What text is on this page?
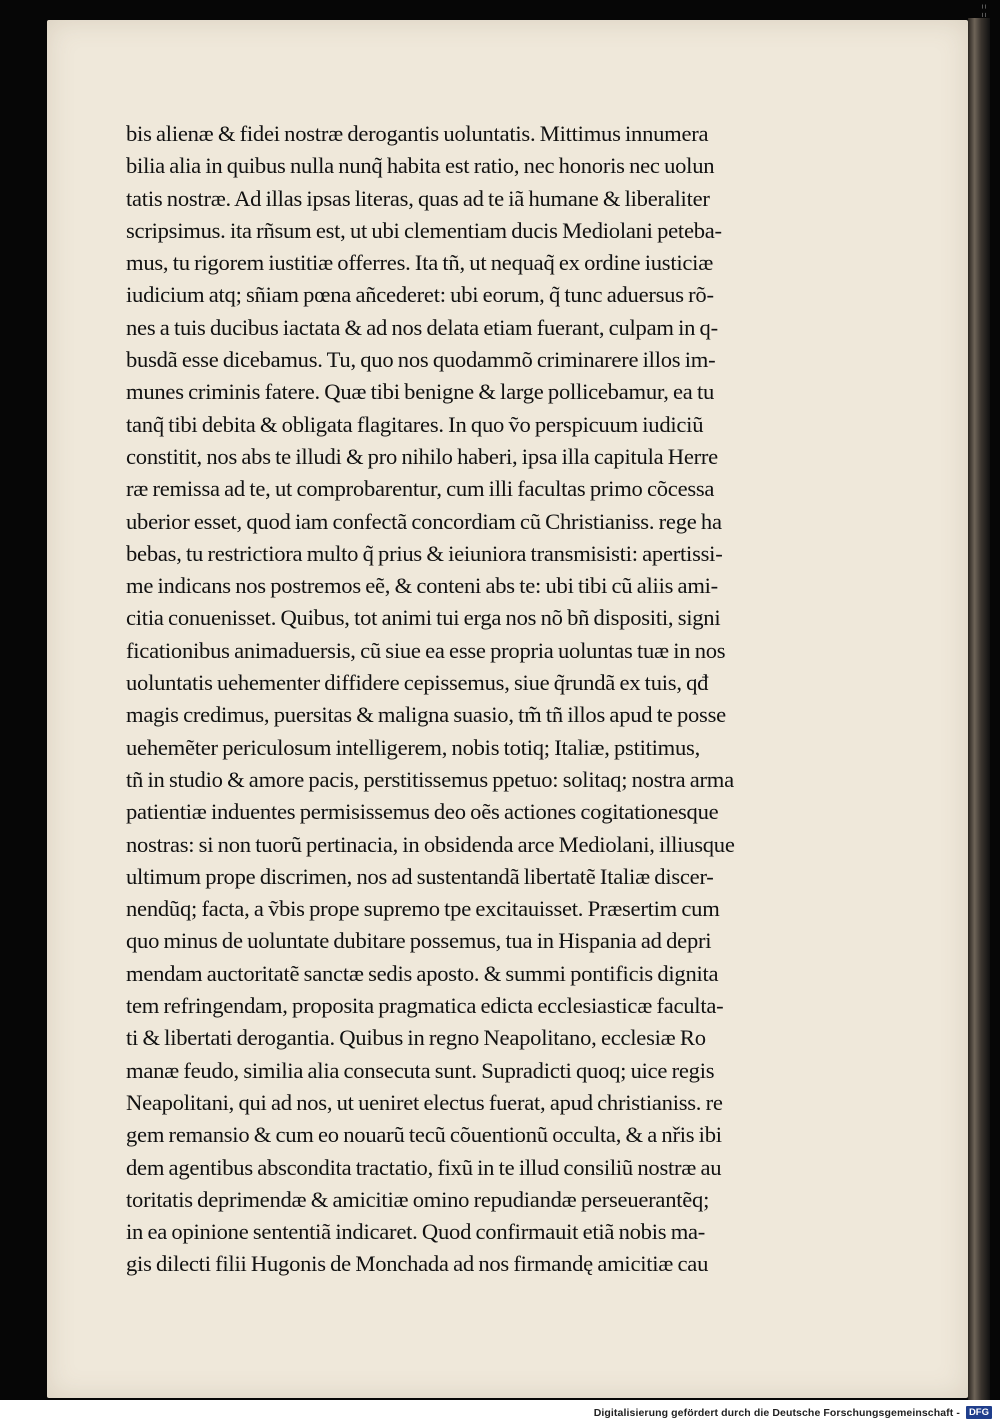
¦¦
bis alienæ & fidei nostræ derogantis uoluntatis. Mittimus innumera
bilia alia in quibus nulla nunq̃ habita est ratio, nec honoris nec uolun
tatis nostræ. Ad illas ipsas literas, quas ad te iã humane & liberaliter
scripsimus. ita rñsum est, ut ubi clementiam ducis Mediolani peteba-
mus, tu rigorem iustitiæ offerres. Ita tñ, ut nequaq̃ ex ordine iusticiæ
iudicium atq; sñiam pœna añcederet: ubi eorum, q̃ tunc aduersus rõ-
nes a tuis ducibus iactata & ad nos delata etiam fuerant, culpam in q-
busdã esse dicebamus. Tu, quo nos quodammõ criminarere illos im-
munes criminis fatere. Quæ tibi benigne & large pollicebamur, ea tu
tanq̃ tibi debita & obligata flagitares. In quo ṽo perspicuum iudiciũ
constitit, nos abs te illudi & pro nihilo haberi, ipsa illa capitula Herre
ræ remissa ad te, ut comprobarentur, cum illi facultas primo cõcessa
uberior esset, quod iam confectã concordiam cũ Christianiss. rege ha
bebas, tu restrictiora multo q̃ prius & ieiuniora transmisisti: apertissi-
me indicans nos postremos eẽ, & conteni abs te: ubi tibi cũ aliis ami-
citia conuenisset. Quibus, tot animi tui erga nos nõ bñ dispositi, signi
ficationibus animaduersis, cũ siue ea esse propria uoluntas tuæ in nos
uoluntatis uehementer diffidere cepissemus, siue q̃rundã ex tuis, qđ
magis credimus, puersitas & maligna suasio, tm̃ tñ illos apud te posse
uehemẽter periculosum intelligerem, nobis totiq; Italiæ, pstitimus,
tñ in studio & amore pacis, perstitissemus ppetuo: solitaq; nostra arma
patientiæ induentes permisissemus deo oẽs actiones cogitationesque
nostras: si non tuorũ pertinacia, in obsidenda arce Mediolani, illiusque
ultimum prope discrimen, nos ad sustentandã libertatẽ Italiæ discer-
nendũq; facta, a ṽbis prope supremo tpe excitauisset. Præsertim cum
quo minus de uoluntate dubitare possemus, tua in Hispania ad depri
mendam auctoritatẽ sanctæ sedis aposto. & summi pontificis dignita
tem refringendam, proposita pragmatica edicta ecclesiasticæ faculta-
ti & libertati derogantia. Quibus in regno Neapolitano, ecclesiæ Ro
manæ feudo, similia alia consecuta sunt. Supradicti quoq; uice regis
Neapolitani, qui ad nos, ut ueniret electus fuerat, apud christianiss. re
gem remansio & cum eo nouarũ tecũ cõuentionũ occulta, & a nřis ibi
dem agentibus abscondita tractatio, fixũ in te illud consiliũ nostræ au
toritatis deprimendæ & amicitiæ omino repudiandæ perseuerantẽq;
in ea opinione sententiã indicaret. Quod confirmauit etiã nobis ma-
gis dilecti filii Hugonis de Monchada ad nos firmandę amicitiæ cau
Digitalisierung gefördert durch die Deutsche Forschungsgemeinschaft - DFG
